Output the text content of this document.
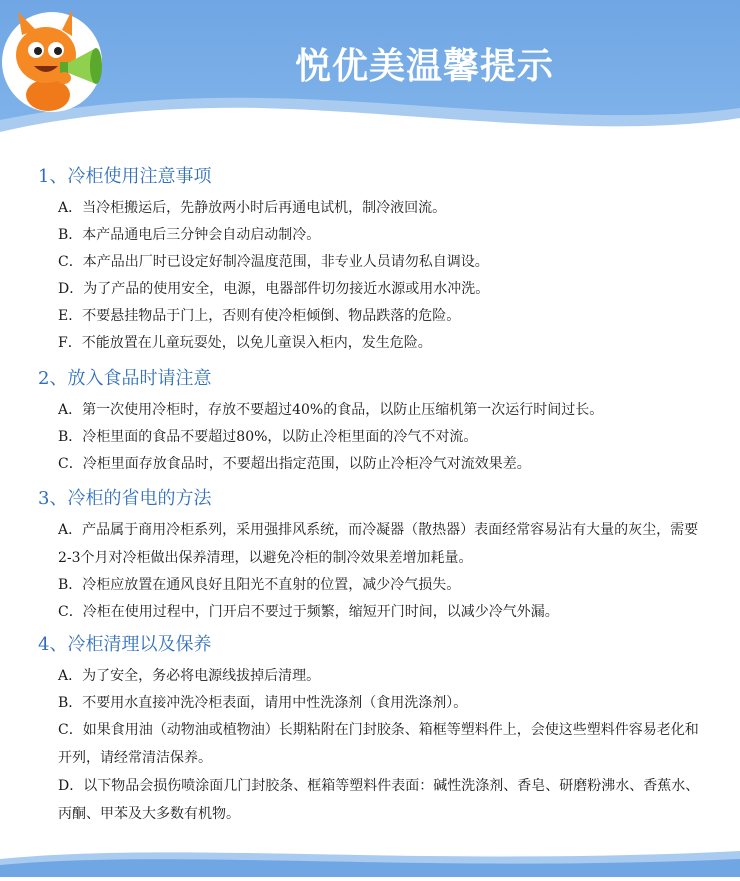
悦优美温馨提示
1、冷柜使用注意事项
A．当冷柜搬运后，先静放两小时后再通电试机，制冷液回流。
B．本产品通电后三分钟会自动启动制冷。
C．本产品出厂时已设定好制冷温度范围，非专业人员请勿私自调设。
D．为了产品的使用安全，电源，电器部件切勿接近水源或用水冲洗。
E．不要悬挂物品于门上，否则有使冷柜倾倒、物品跌落的危险。
F．不能放置在儿童玩耍处，以免儿童误入柜内，发生危险。
2、放入食品时请注意
A．第一次使用冷柜时，存放不要超过40%的食品，以防止压缩机第一次运行时间过长。
B．冷柜里面的食品不要超过80%，以防止冷柜里面的冷气不对流。
C．冷柜里面存放食品时，不要超出指定范围，以防止冷柜冷气对流效果差。
3、冷柜的省电的方法
A．产品属于商用冷柜系列，采用强排风系统，而冷凝器（散热器）表面经常容易沾有大量的灰尘，需要2-3个月对冷柜做出保养清理，以避免冷柜的制冷效果差增加耗量。
B．冷柜应放置在通风良好且阳光不直射的位置，减少冷气损失。
C．冷柜在使用过程中，门开启不要过于频繁，缩短开门时间，以减少冷气外漏。
4、冷柜清理以及保养
A．为了安全，务必将电源线拔掉后清理。
B．不要用水直接冲洗冷柜表面，请用中性洗涤剂（食用洗涤剂）。
C．如果食用油（动物油或植物油）长期粘附在门封胶条、箱框等塑料件上，会使这些塑料件容易老化和开列，请经常清洁保养。
D．以下物品会损伤喷涂面几门封胶条、框箱等塑料件表面：碱性洗涤剂、香皂、研磨粉沸水、香蕉水、丙酮、甲苯及大多数有机物。
